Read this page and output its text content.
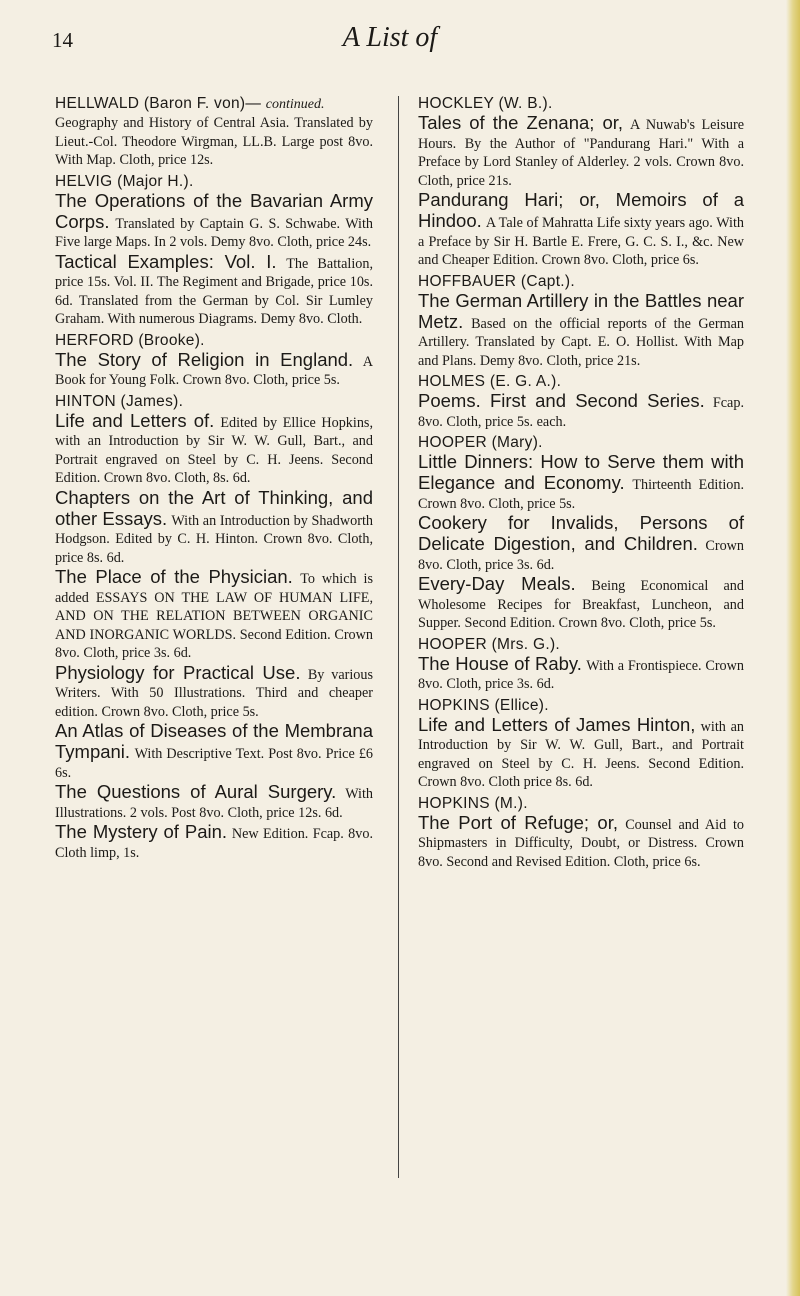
14	A List of
HELLWALD (Baron F. von)— continued.

Geography and History of Central Asia. Translated by Lieut.-Col. Theodore Wirgman, LL.B. Large post 8vo. With Map. Cloth, price 12s.

HELVIG (Major H.).

The Operations of the Bavarian Army Corps. Translated by Captain G. S. Schwabe. With Five large Maps. In 2 vols. Demy 8vo. Cloth, price 24s.

Tactical Examples: Vol. I. The Battalion, price 15s. Vol. II. The Regiment and Brigade, price 10s. 6d. Translated from the German by Col. Sir Lumley Graham. With numerous Diagrams. Demy 8vo. Cloth.

HERFORD (Brooke).

The Story of Religion in England. A Book for Young Folk. Crown 8vo. Cloth, price 5s.

HINTON (James).

Life and Letters of. Edited by Ellice Hopkins, with an Introduction by Sir W. W. Gull, Bart., and Portrait engraved on Steel by C. H. Jeens. Second Edition. Crown 8vo. Cloth, 8s. 6d.

Chapters on the Art of Thinking, and other Essays. With an Introduction by Shadworth Hodgson. Edited by C. H. Hinton. Crown 8vo. Cloth, price 8s. 6d.

The Place of the Physician. To which is added ESSAYS ON THE LAW OF HUMAN LIFE, AND ON THE RELATION BETWEEN ORGANIC AND INORGANIC WORLDS. Second Edition. Crown 8vo. Cloth, price 3s. 6d.

Physiology for Practical Use. By various Writers. With 50 Illustrations. Third and cheaper edition. Crown 8vo. Cloth, price 5s.

An Atlas of Diseases of the Membrana Tympani. With Descriptive Text. Post 8vo. Price £6 6s.

The Questions of Aural Surgery. With Illustrations. 2 vols. Post 8vo. Cloth, price 12s. 6d.

The Mystery of Pain. New Edition. Fcap. 8vo. Cloth limp, 1s.

HOCKLEY (W. B.).

Tales of the Zenana; or, A Nuwab's Leisure Hours. By the Author of "Pandurang Hari." With a Preface by Lord Stanley of Alderley. 2 vols. Crown 8vo. Cloth, price 21s.

Pandurang Hari; or, Memoirs of a Hindoo. A Tale of Mahratta Life sixty years ago. With a Preface by Sir H. Bartle E. Frere, G. C. S. I., &c. New and Cheaper Edition. Crown 8vo. Cloth, price 6s.

HOFFBAUER (Capt.).

The German Artillery in the Battles near Metz. Based on the official reports of the German Artillery. Translated by Capt. E. O. Hollist. With Map and Plans. Demy 8vo. Cloth, price 21s.

HOLMES (E. G. A.).

Poems. First and Second Series. Fcap. 8vo. Cloth, price 5s. each.

HOOPER (Mary).

Little Dinners: How to Serve them with Elegance and Economy. Thirteenth Edition. Crown 8vo. Cloth, price 5s.

Cookery for Invalids, Persons of Delicate Digestion, and Children. Crown 8vo. Cloth, price 3s. 6d.

Every-Day Meals. Being Economical and Wholesome Recipes for Breakfast, Luncheon, and Supper. Second Edition. Crown 8vo. Cloth, price 5s.

HOOPER (Mrs. G.).

The House of Raby. With a Frontispiece. Crown 8vo. Cloth, price 3s. 6d.

HOPKINS (Ellice).

Life and Letters of James Hinton, with an Introduction by Sir W. W. Gull, Bart., and Portrait engraved on Steel by C. H. Jeens. Second Edition. Crown 8vo. Cloth price 8s. 6d.

HOPKINS (M.).

The Port of Refuge; or, Counsel and Aid to Shipmasters in Difficulty, Doubt, or Distress. Crown 8vo. Second and Revised Edition. Cloth, price 6s.
